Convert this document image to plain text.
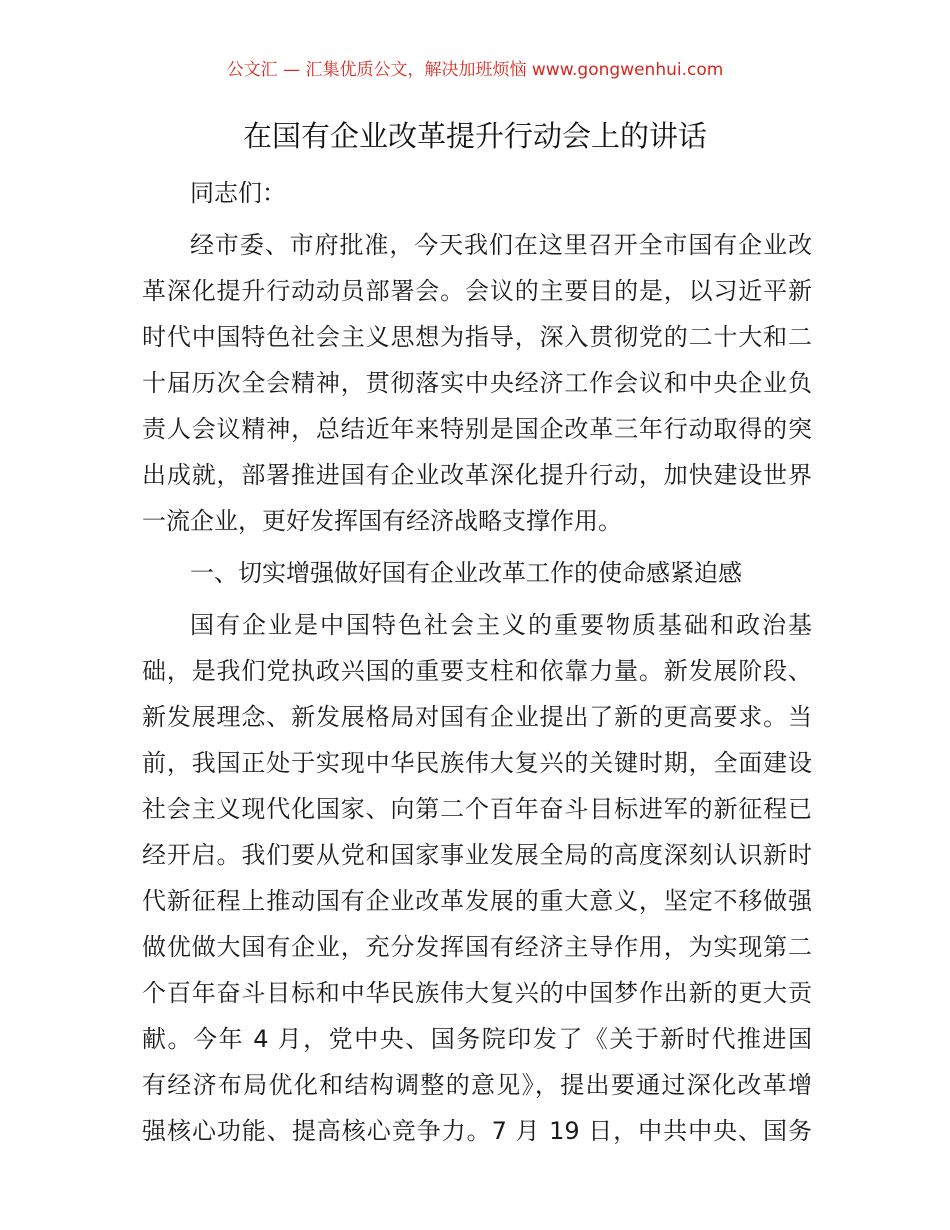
公文汇 — 汇集优质公文，解决加班烦恼 www.gongwenhui.com
在国有企业改革提升行动会上的讲话
同志们：
经市委、市府批准，今天我们在这里召开全市国有企业改
革深化提升行动动员部署会。会议的主要目的是，以习近平新
时代中国特色社会主义思想为指导，深入贯彻党的二十大和二
十届历次全会精神，贯彻落实中央经济工作会议和中央企业负
责人会议精神，总结近年来特别是国企改革三年行动取得的突
出成就，部署推进国有企业改革深化提升行动，加快建设世界
一流企业，更好发挥国有经济战略支撑作用。
一、切实增强做好国有企业改革工作的使命感紧迫感
国有企业是中国特色社会主义的重要物质基础和政治基
础，是我们党执政兴国的重要支柱和依靠力量。新发展阶段、
新发展理念、新发展格局对国有企业提出了新的更高要求。当
前，我国正处于实现中华民族伟大复兴的关键时期，全面建设
社会主义现代化国家、向第二个百年奋斗目标进军的新征程已
经开启。我们要从党和国家事业发展全局的高度深刻认识新时
代新征程上推动国有企业改革发展的重大意义，坚定不移做强
做优做大国有企业，充分发挥国有经济主导作用，为实现第二
个百年奋斗目标和中华民族伟大复兴的中国梦作出新的更大贡
献。今年 4 月，党中央、国务院印发了《关于新时代推进国
有经济布局优化和结构调整的意见》，提出要通过深化改革增
强核心功能、提高核心竞争力。7 月 19 日，中共中央、国务
